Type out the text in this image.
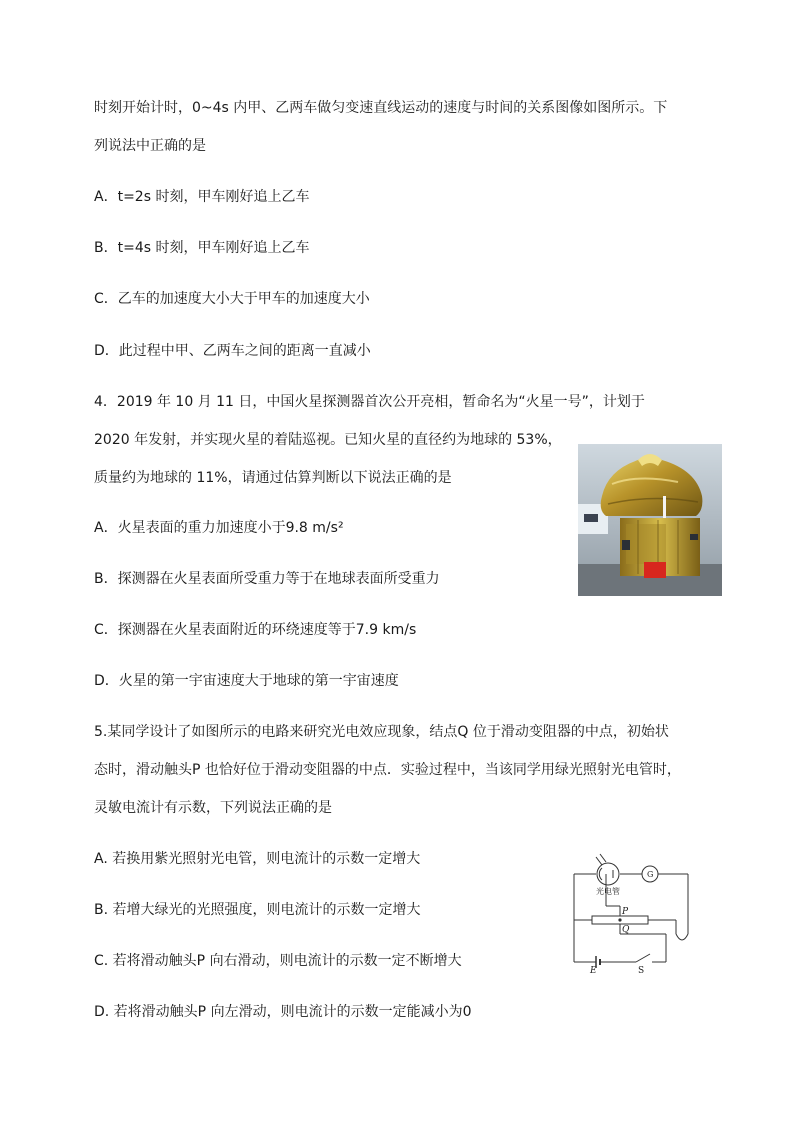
时刻开始计时，0~4s 内甲、乙两车做匀变速直线运动的速度与时间的关系图像如图所示。下
列说法中正确的是
A．t=2s 时刻，甲车刚好追上乙车
B．t=4s 时刻，甲车刚好追上乙车
C．乙车的加速度大小大于甲车的加速度大小
D．此过程中甲、乙两车之间的距离一直减小
4．2019 年 10 月 11 日，中国火星探测器首次公开亮相，暂命名为“火星一号”，计划于
2020 年发射，并实现火星的着陆巡视。已知火星的直径约为地球的 53%，
质量约为地球的 11%，请通过估算判断以下说法正确的是
A．火星表面的重力加速度小于9.8 m/s²
B．探测器在火星表面所受重力等于在地球表面所受重力
C．探测器在火星表面附近的环绕速度等于7.9 km/s
D．火星的第一宇宙速度大于地球的第一宇宙速度
5.某同学设计了如图所示的电路来研究光电效应现象，结点Q 位于滑动变阻器的中点，初始状
态时，滑动触头P 也恰好位于滑动变阻器的中点．实验过程中，当该同学用绿光照射光电管时，
灵敏电流计有示数，下列说法正确的是
A. 若换用紫光照射光电管，则电流计的示数一定增大
B. 若增大绿光的光照强度，则电流计的示数一定增大
C. 若将滑动触头P 向右滑动，则电流计的示数一定不断增大
D. 若将滑动触头P 向左滑动，则电流计的示数一定能减小为0
光电管
G
P
Q
E	S
